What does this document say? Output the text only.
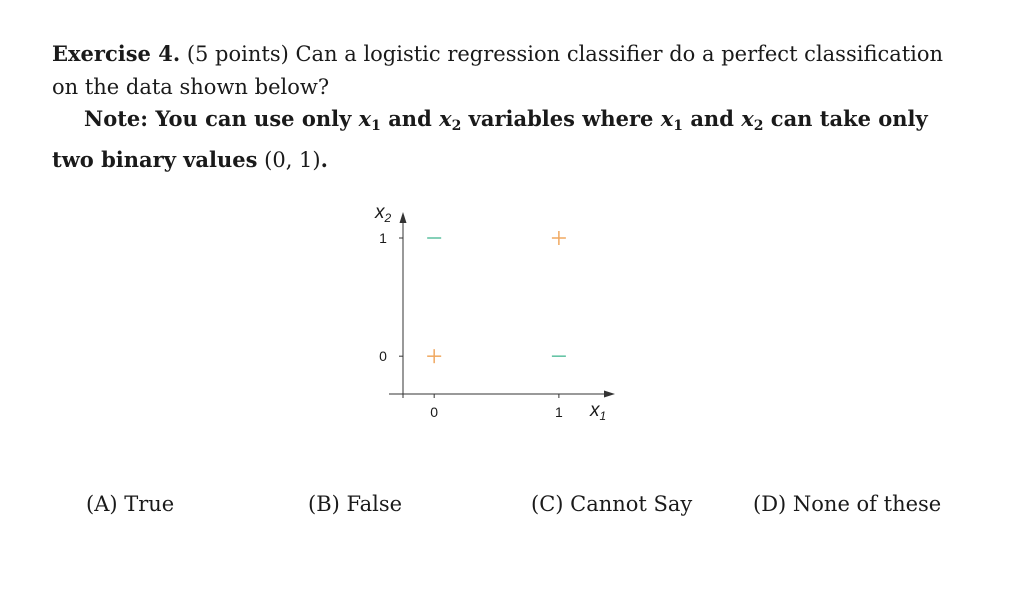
Exercise 4. (5 points) Can a logistic regression classifier do a perfect classification on the data shown below?
Note: You can use only $x_1$ and $x_2$ variables where $x_1$ and $x_2$ can take only two binary values (0, 1).
0	1
0
1
$x_1$
$x_2$
(A) True	(B) False	(C) Cannot Say	(D) None of these
